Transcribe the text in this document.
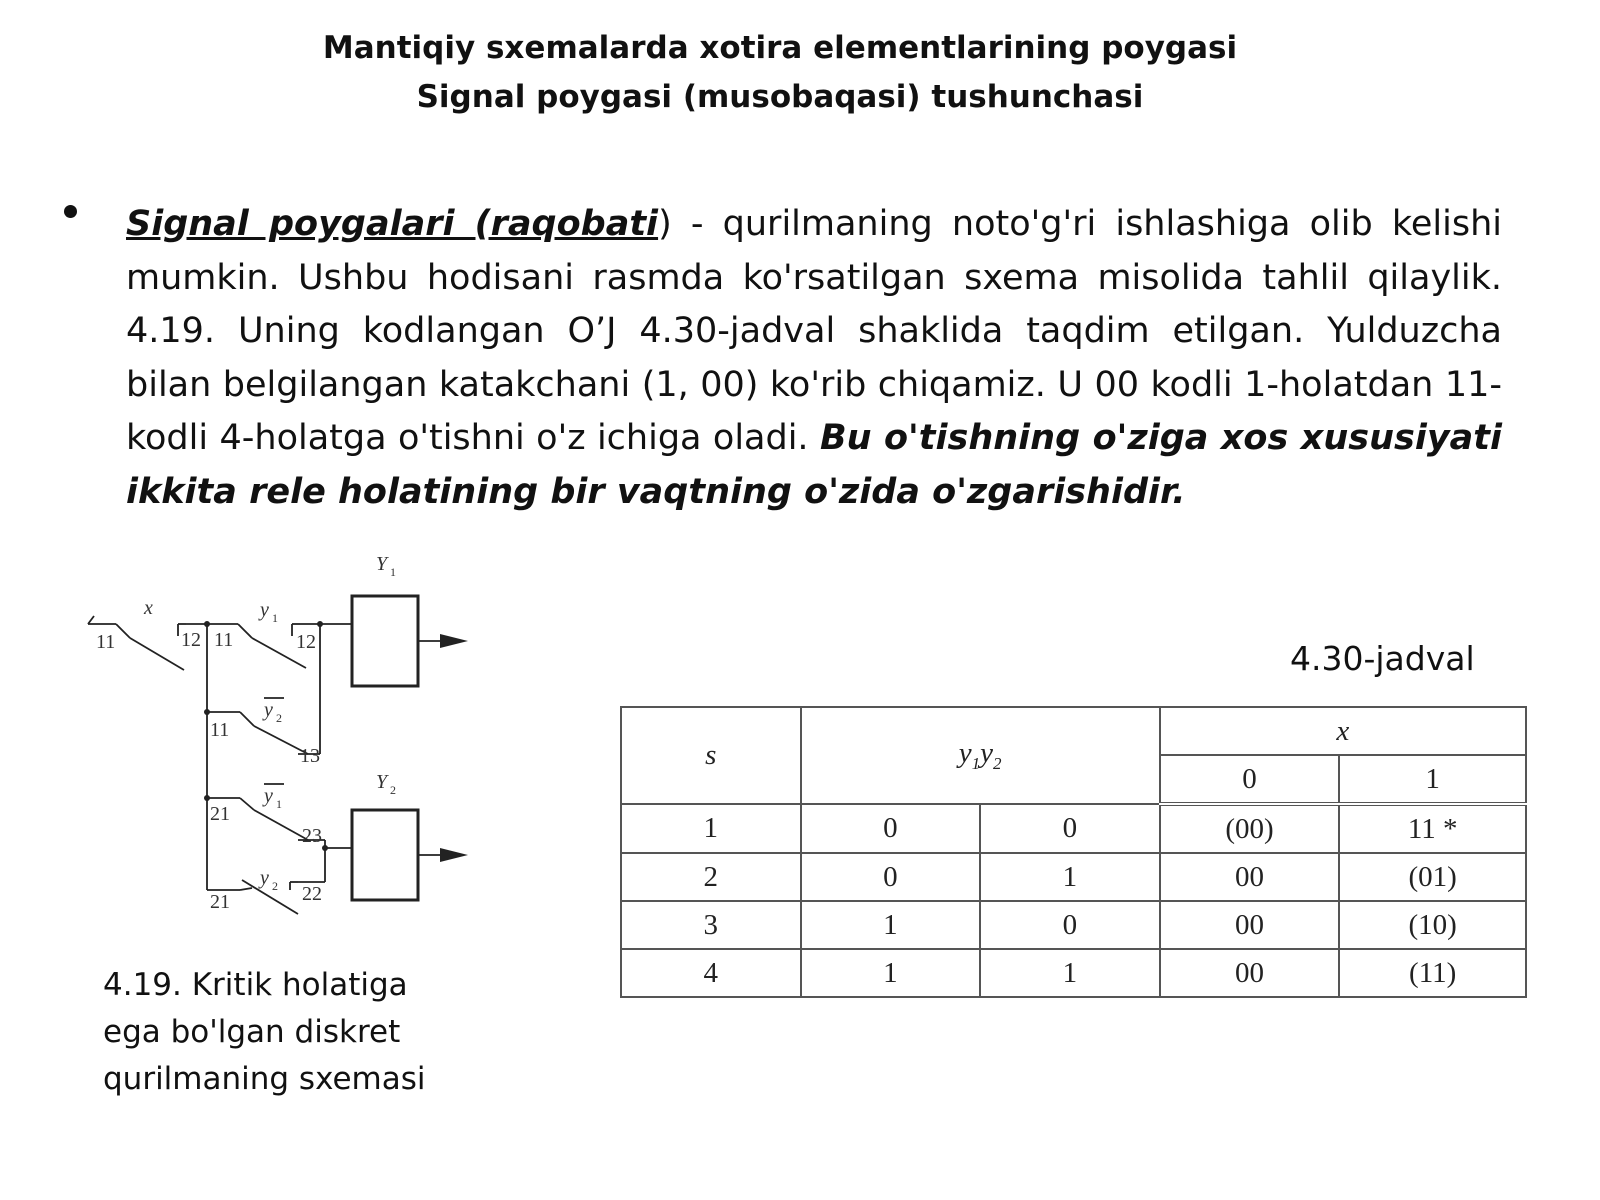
Mantiqiy sxemalarda xotira elementlarining poygasi
Signal poygasi (musobaqasi) tushunchasi
Signal poygalari (raqobati) - qurilmaning noto'g'ri ishlashiga olib kelishi mumkin. Ushbu hodisani rasmda ko'rsatilgan sxema misolida tahlil qilaylik. 4.19. Uning kodlangan O’J 4.30-jadval shaklida taqdim etilgan. Yulduzcha bilan belgilangan katakchani (1, 00) ko'rib chiqamiz. U 00 kodli 1-holatdan 11-kodli 4-holatga o'tishni o'z ichiga oladi. Bu o'tishning o'ziga xos xususiyati ikkita rele holatining bir vaqtning o'zida o'zgarishidir.
x	y 1
y 2
y 1
y 2
Y 1
Y 2
11	12 11	12
11
13
21
23
21	22
4.19. Kritik holatiga
ega bo'lgan diskret
qurilmaning sxemasi
4.30-jadval
s	$y_1y_2$		x	
			0	1
1	0	0	(00)	11 *
2	0	1	00	(01)
3	1	0	00	(10)
4	1	1	00	(11)
